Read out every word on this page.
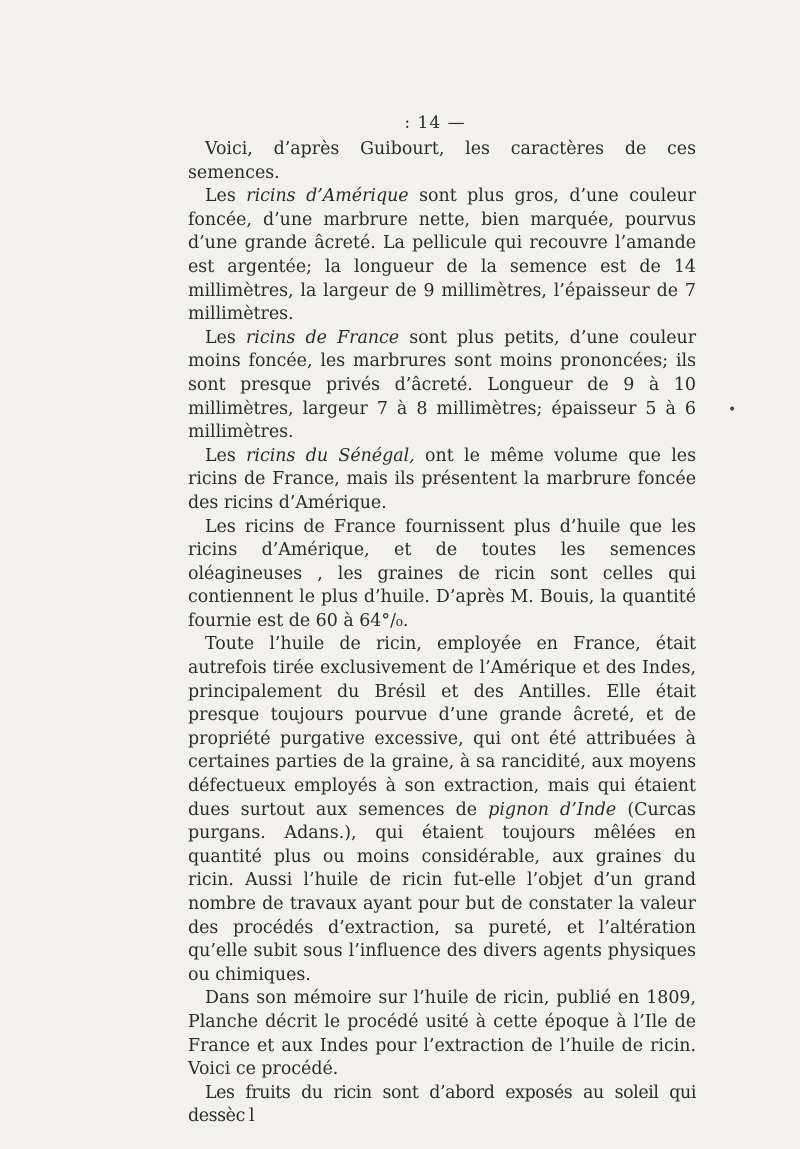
: 14 —
•

Voici, d’après Guibourt, les caractères de ces semences.

Les ricins d’Amérique sont plus gros, d’une couleur foncée, d’une marbrure nette, bien marquée, pourvus d’une grande âcreté. La pellicule qui recouvre l’amande est argentée; la longueur de la semence est de 14 millimètres, la largeur de 9 millimètres, l’épaisseur de 7 millimètres.

Les ricins de France sont plus petits, d’une couleur moins foncée, les marbrures sont moins prononcées; ils sont presque privés d’âcreté. Longueur de 9 à 10 millimètres, largeur 7 à 8 millimètres; épaisseur 5 à 6 millimètres.

Les ricins du Sénégal, ont le même volume que les ricins de France, mais ils présentent la marbrure foncée des ricins d’Amérique.

Les ricins de France fournissent plus d’huile que les ricins d’Amérique, et de toutes les semences oléagineuses , les graines de ricin sont celles qui contiennent le plus d’huile. D’après M. Bouis, la quantité fournie est de 60 à 64°/₀.

Toute l’huile de ricin, employée en France, était autrefois tirée exclusivement de l’Amérique et des Indes, principalement du Brésil et des Antilles. Elle était presque toujours pourvue d’une grande âcreté, et de propriété purgative excessive, qui ont été attribuées à certaines parties de la graine, à sa rancidité, aux moyens défectueux employés à son extraction, mais qui étaient dues surtout aux semences de pignon d’Inde (Curcas purgans. Adans.), qui étaient toujours mêlées en quantité plus ou moins considérable, aux graines du ricin. Aussi l’huile de ricin fut-elle l’objet d’un grand nombre de travaux ayant pour but de constater la valeur des procédés d’extraction, sa pureté, et l’altération qu’elle subit sous l’influence des divers agents physiques ou chimiques.

Dans son mémoire sur l’huile de ricin, publié en 1809, Planche décrit le procédé usité à cette époque à l’Ile de France et aux Indes pour l’extraction de l’huile de ricin. Voici ce procédé.

Les fruits du ricin sont d’abord exposés au soleil qui dessèc l
